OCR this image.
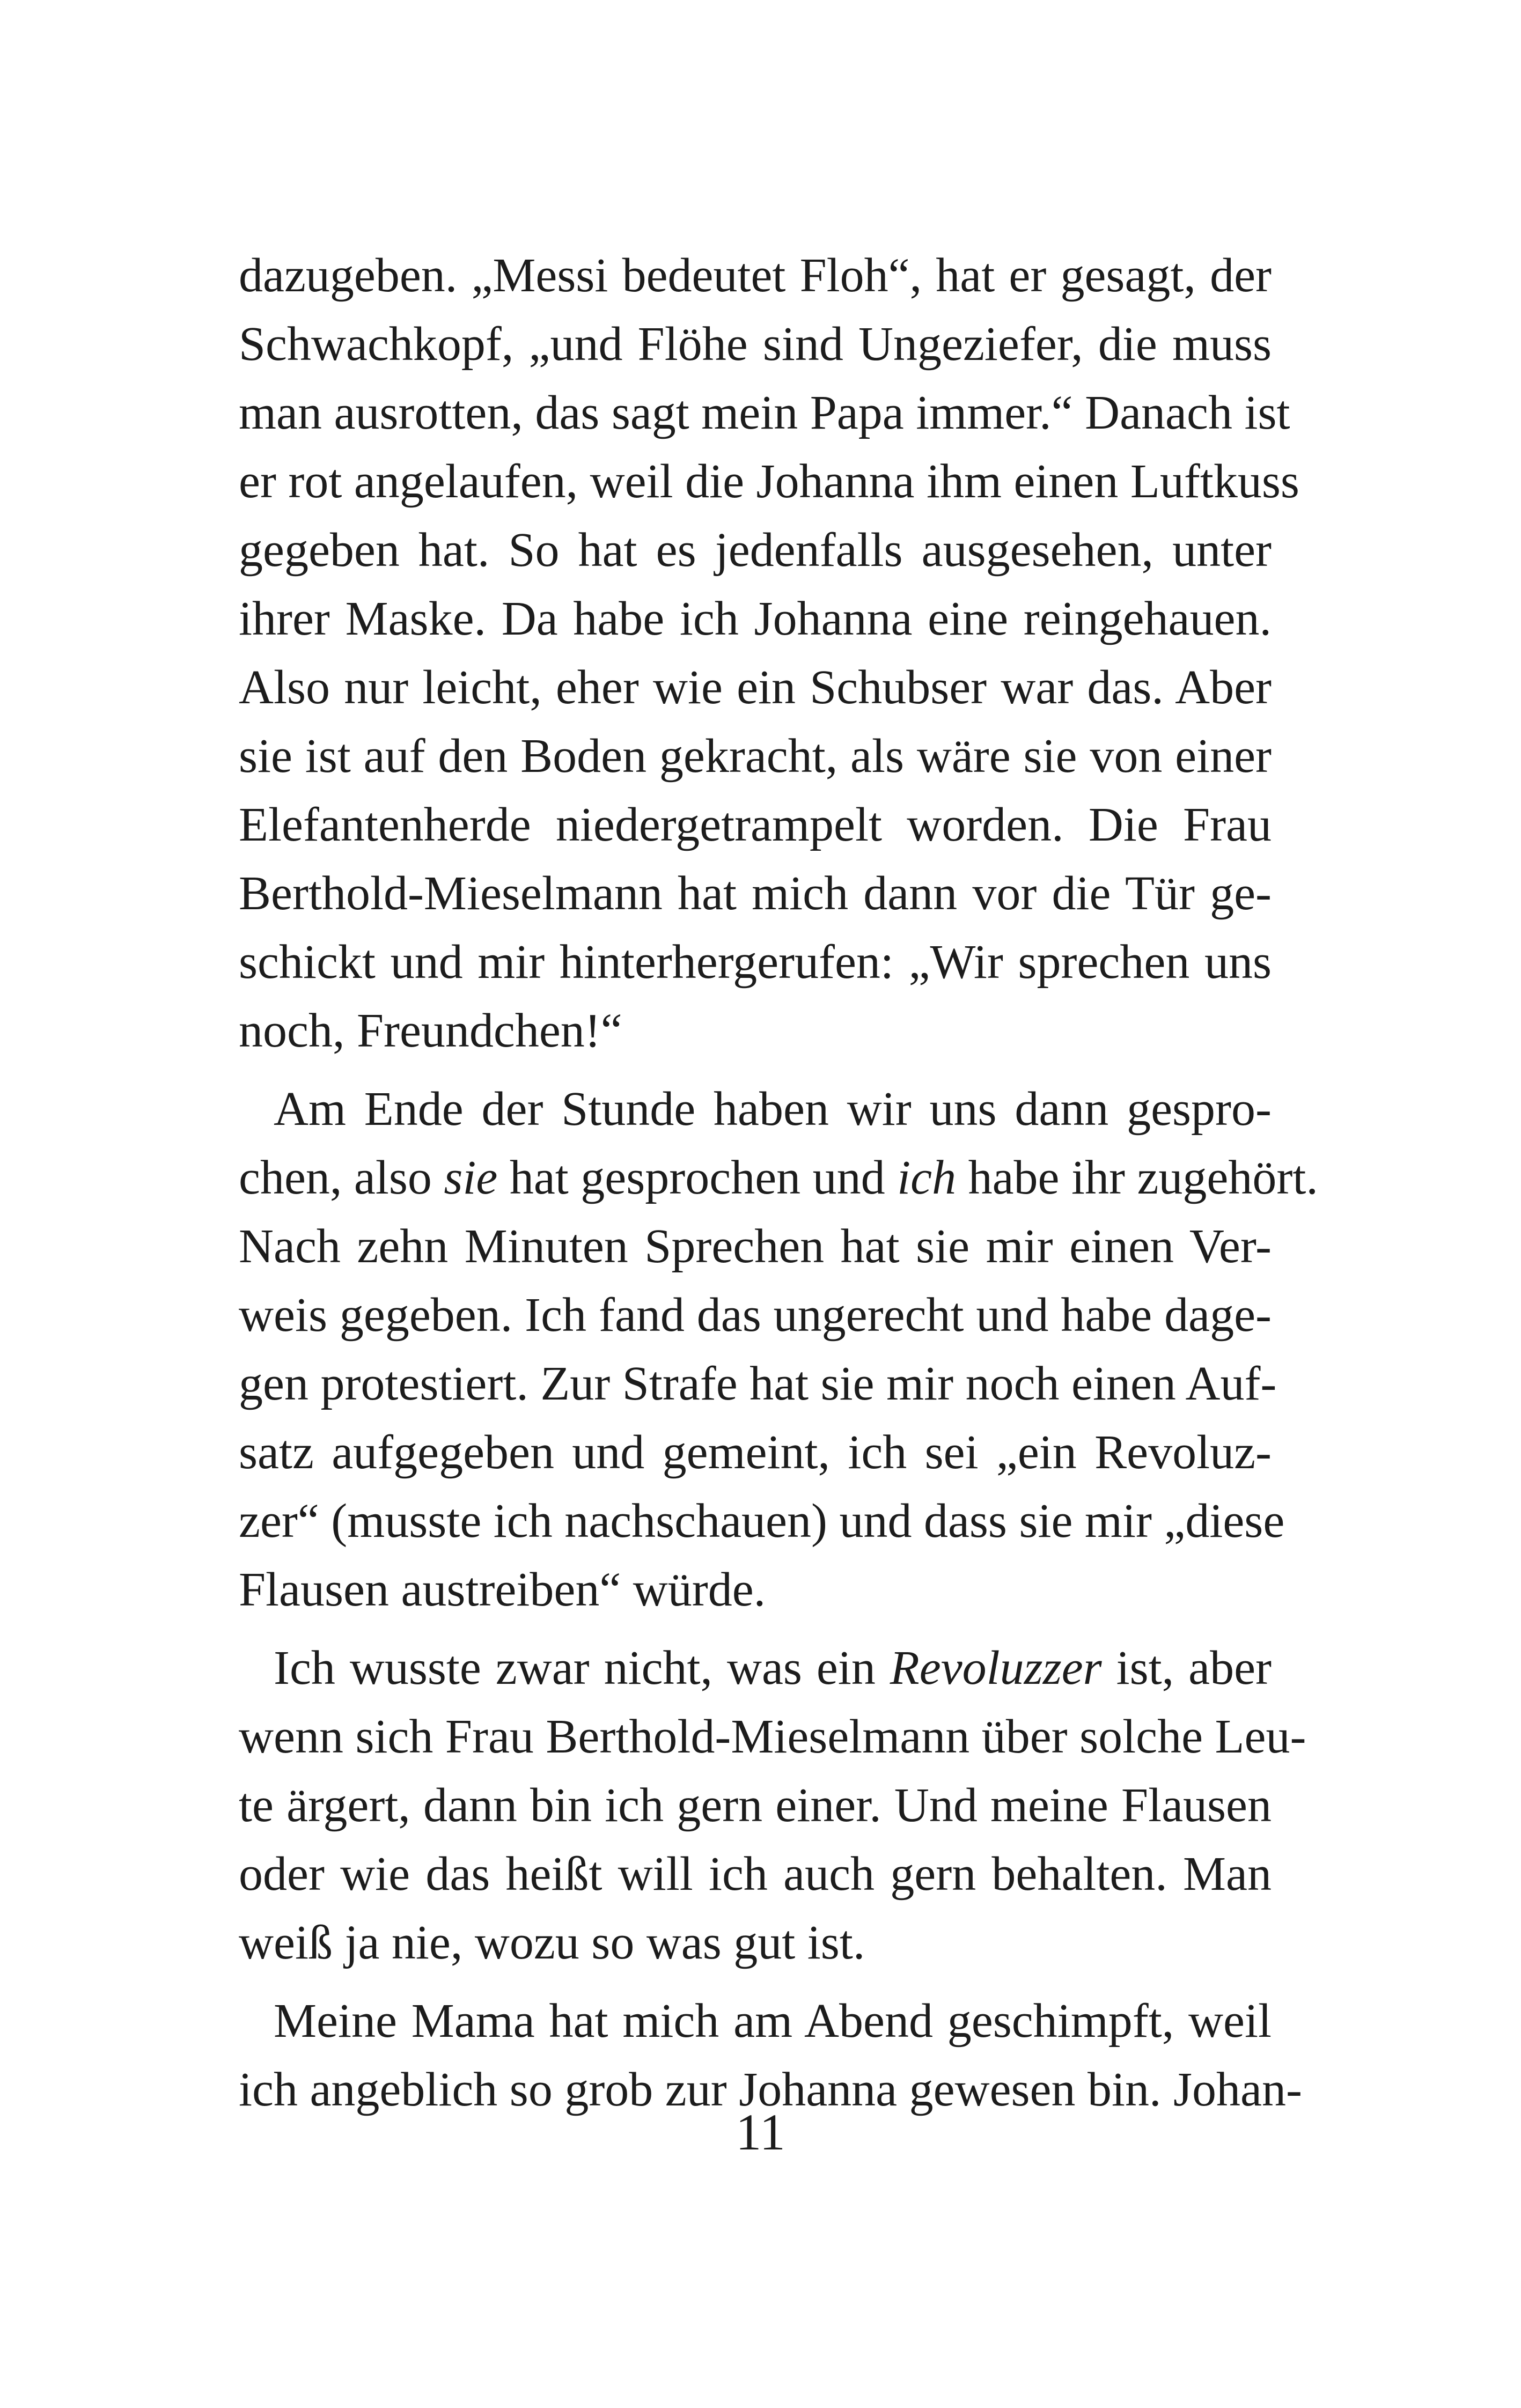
dazugeben. „Messi bedeutet Floh“, hat er gesagt, der
Schwachkopf, „und Flöhe sind Ungeziefer, die muss
man ausrotten, das sagt mein Papa immer.“ Danach ist
er rot angelaufen, weil die Johanna ihm einen Luftkuss
gegeben hat. So hat es jedenfalls ausgesehen, unter
ihrer Maske. Da habe ich Johanna eine reingehauen.
Also nur leicht, eher wie ein Schubser war das. Aber
sie ist auf den Boden gekracht, als wäre sie von einer
Elefantenherde niedergetrampelt worden. Die Frau
Berthold-Mieselmann hat mich dann vor die Tür ge-
schickt und mir hinterhergerufen: „Wir sprechen uns
noch, Freundchen!“
Am Ende der Stunde haben wir uns dann gespro-
chen, also sie hat gesprochen und ich habe ihr zugehört.
Nach zehn Minuten Sprechen hat sie mir einen Ver-
weis gegeben. Ich fand das ungerecht und habe dage-
gen protestiert. Zur Strafe hat sie mir noch einen Auf-
satz aufgegeben und gemeint, ich sei „ein Revoluz-
zer“ (musste ich nachschauen) und dass sie mir „diese
Flausen austreiben“ würde.
Ich wusste zwar nicht, was ein Revoluzzer ist, aber
wenn sich Frau Berthold-Mieselmann über solche Leu-
te ärgert, dann bin ich gern einer. Und meine Flausen
oder wie das heißt will ich auch gern behalten. Man
weiß ja nie, wozu so was gut ist.
Meine Mama hat mich am Abend geschimpft, weil
ich angeblich so grob zur Johanna gewesen bin. Johan-
11
